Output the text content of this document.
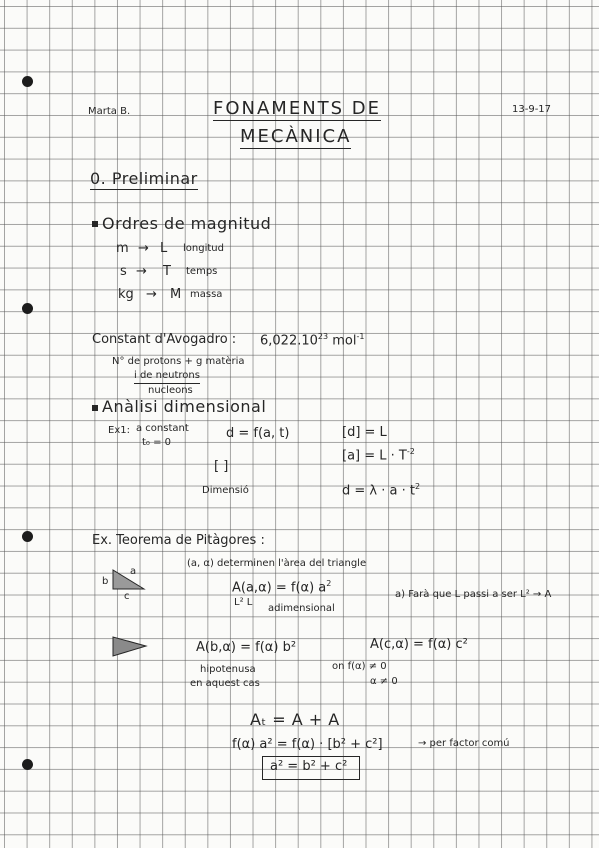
Marta B.	FONAMENTS DE
MECÀNICA
13-9-17
0. Preliminar
Ordres de magnitud
m → L longitud
s → T temps
kg → M massa
Constant d'Avogadro : 6,022.10$^{23}$ mol$^{-1}$
N° de protons + g matèria
i de neutrons
nucleons
Anàlisi dimensional
Ex1: a constant
t₀ = 0
d = f(a, t)
[ ]
Dimensió
[d] = L
$[a] = L \cdot T^{-2}$
$d = \lambda \cdot a \cdot t^2$
Ex. Teorema de Pitàgores :
(a, α) determinen l'àrea del triangle
a
b
c
A(a,α) = f(α) $a^2$
L² L
adimensional
a) Farà que L passi a ser L² → A
A(b,α) = f(α) b²
hipotenusa
en aquest cas
A(c,α) = f(α) c²
on f(α) ≠ 0
α ≠ 0
Aₜ = A + A
f(α) a² = f(α) · [b² + c²]	→ per factor comú
a² = b² + c²
